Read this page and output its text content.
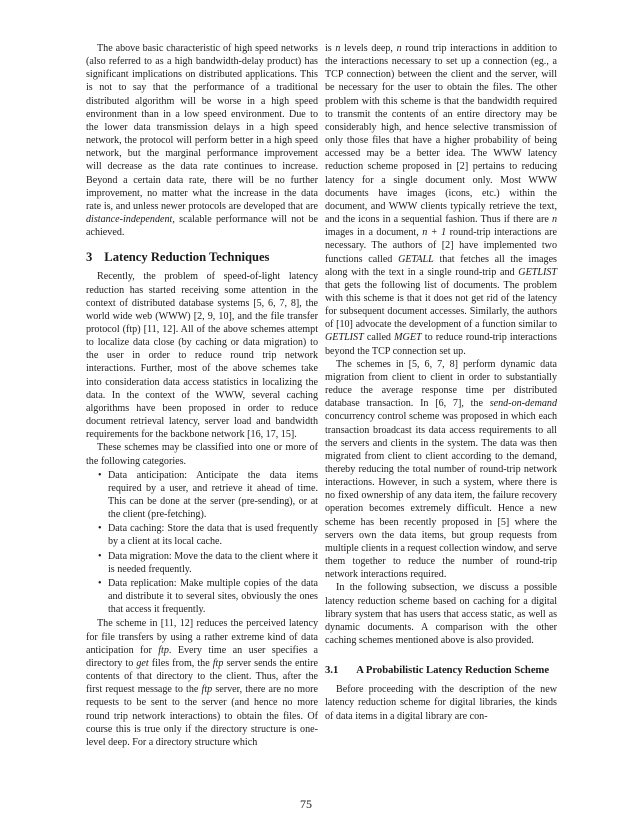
The above basic characteristic of high speed networks (also referred to as a high bandwidth-delay product) has significant implications on distributed applications. This is not to say that the performance of a traditional distributed algorithm will be worse in a high speed environment than in a low speed environment. Due to the lower data transmission delays in a high speed network, the protocol will perform better in a high speed network, but the marginal performance improvement will decrease as the data rate continues to increase. Beyond a certain data rate, there will be no further improvement, no matter what the increase in the data rate is, and unless newer protocols are developed that are distance-independent, scalable performance will not be achieved.

3 Latency Reduction Techniques

Recently, the problem of speed-of-light latency reduction has started receiving some attention in the context of distributed database systems [5, 6, 7, 8], the world wide web (WWW) [2, 9, 10], and the file transfer protocol (ftp) [11, 12]. All of the above schemes attempt to localize data close (by caching or data migration) to the user in order to reduce round trip network interactions. Further, most of the above schemes take into consideration data access statistics in localizing the data. In the context of the WWW, several caching algorithms have been proposed in order to reduce document retrieval latency, server load and bandwidth requirements for the backbone network [16, 17, 15].

These schemes may be classified into one or more of the following categories.

• Data anticipation: Anticipate the data items required by a user, and retrieve it ahead of time. This can be done at the server (pre-sending), or at the client (pre-fetching).
• Data caching: Store the data that is used frequently by a client at its local cache.
• Data migration: Move the data to the client where it is needed frequently.
• Data replication: Make multiple copies of the data and distribute it to several sites, obviously the ones that access it frequently.

The scheme in [11, 12] reduces the perceived latency for file transfers by using a rather extreme kind of data anticipation for ftp. Every time an user specifies a directory to get files from, the ftp server sends the entire contents of that directory to the client. Thus, after the first request message to the ftp server, there are no more requests to be sent to the server (and hence no more round trip network interactions) to obtain the files. Of course this is true only if the directory structure is one-level deep. For a directory structure which

is n levels deep, n round trip interactions in addition to the interactions necessary to set up a connection (eg., a TCP connection) between the client and the server, will be necessary for the user to obtain the files. The other problem with this scheme is that the bandwidth required to transmit the contents of an entire directory may be considerably high, and hence selective transmission of only those files that have a higher probability of being accessed may be a better idea. The WWW latency reduction scheme proposed in [2] pertains to reducing latency for a single document only. Most WWW documents have images (icons, etc.) within the document, and WWW clients typically retrieve the text, and the icons in a sequential fashion. Thus if there are n images in a document, n + 1 round-trip interactions are necessary. The authors of [2] have implemented two functions called GETALL that fetches all the images along with the text in a single round-trip and GETLIST that gets the following list of documents. The problem with this scheme is that it does not get rid of the latency for subsequent document accesses. Similarly, the authors of [10] advocate the development of a function similar to GETLIST called MGET to reduce round-trip interactions beyond the TCP connection set up.

The schemes in [5, 6, 7, 8] perform dynamic data migration from client to client in order to substantially reduce the average response time per distributed database transaction. In [6, 7], the send-on-demand concurrency control scheme was proposed in which each transaction broadcast its data access requirements to all the servers and clients in the system. The data was then migrated from client to client according to the demand, thereby reducing the total number of round-trip network interactions. However, in such a system, where there is no fixed ownership of any data item, the failure recovery operation becomes extremely difficult. Hence a new scheme has been recently proposed in [5] where the servers own the data items, but group requests from multiple clients in a request collection window, and serve them together to reduce the number of round-trip network interactions required.

In the following subsection, we discuss a possible latency reduction scheme based on caching for a digital library system that has users that access static, as well as dynamic documents. A comparison with the other caching schemes mentioned above is also provided.

3.1	A Probabilistic Latency Reduction Scheme

Before proceeding with the description of the new latency reduction scheme for digital libraries, the kinds of data items in a digital library are con-

75
